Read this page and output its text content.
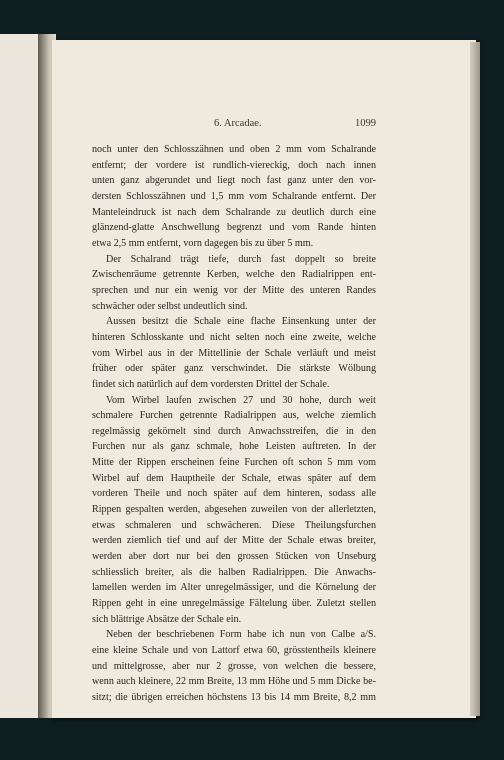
6. Arcadae.	1099

noch unter den Schlosszähnen und oben 2 mm vom Schalrande
entfernt; der vordere ist rundlich-viereckig, doch nach innen
unten ganz abgerundet und liegt noch fast ganz unter den vor-
dersten Schlosszähnen und 1,5 mm vom Schalrande entfernt. Der
Manteleindruck ist nach dem Schalrande zu deutlich durch eine
glänzend-glatte Anschwellung begrenzt und vom Rande hinten
etwa 2,5 mm entfernt, vorn dagegen bis zu über 5 mm.

Der Schalrand trägt tiefe, durch fast doppelt so breite
Zwischenräume getrennte Kerben, welche den Radialrippen ent-
sprechen und nur ein wenig vor der Mitte des unteren Randes
schwächer oder selbst undeutlich sind.

Aussen besitzt die Schale eine flache Einsenkung unter der
hinteren Schlosskante und nicht selten noch eine zweite, welche
vom Wirbel aus in der Mittellinie der Schale verläuft und meist
früher oder später ganz verschwindet. Die stärkste Wölbung
findet sich natürlich auf dem vordersten Drittel der Schale.

Vom Wirbel laufen zwischen 27 und 30 hohe, durch weit
schmalere Furchen getrennte Radialrippen aus, welche ziemlich
regelmässig gekörnelt sind durch Anwachsstreifen, die in den
Furchen nur als ganz schmale, hohe Leisten auftreten. In der
Mitte der Rippen erscheinen feine Furchen oft schon 5 mm vom
Wirbel auf dem Hauptheile der Schale, etwas später auf dem
vorderen Theile und noch später auf dem hinteren, sodass alle
Rippen gespalten werden, abgesehen zuweilen von der allerletzten,
etwas schmaleren und schwächeren. Diese Theilungsfurchen
werden ziemlich tief und auf der Mitte der Schale etwas breiter,
werden aber dort nur bei den grossen Stücken von Unseburg
schliesslich breiter, als die halben Radialrippen. Die Anwachs-
lamellen werden im Alter unregelmässiger, und die Körnelung der
Rippen geht in eine unregelmässige Fältelung über. Zuletzt stellen
sich blättrige Absätze der Schale ein.

Neben der beschriebenen Form habe ich nun von Calbe a/S.
eine kleine Schale und von Lattorf etwa 60, grösstentheils kleinere
und mittelgrosse, aber nur 2 grosse, von welchen die bessere,
wenn auch kleinere, 22 mm Breite, 13 mm Höhe und 5 mm Dicke be-
sitzt; die übrigen erreichen höchstens 13 bis 14 mm Breite, 8,2 mm
